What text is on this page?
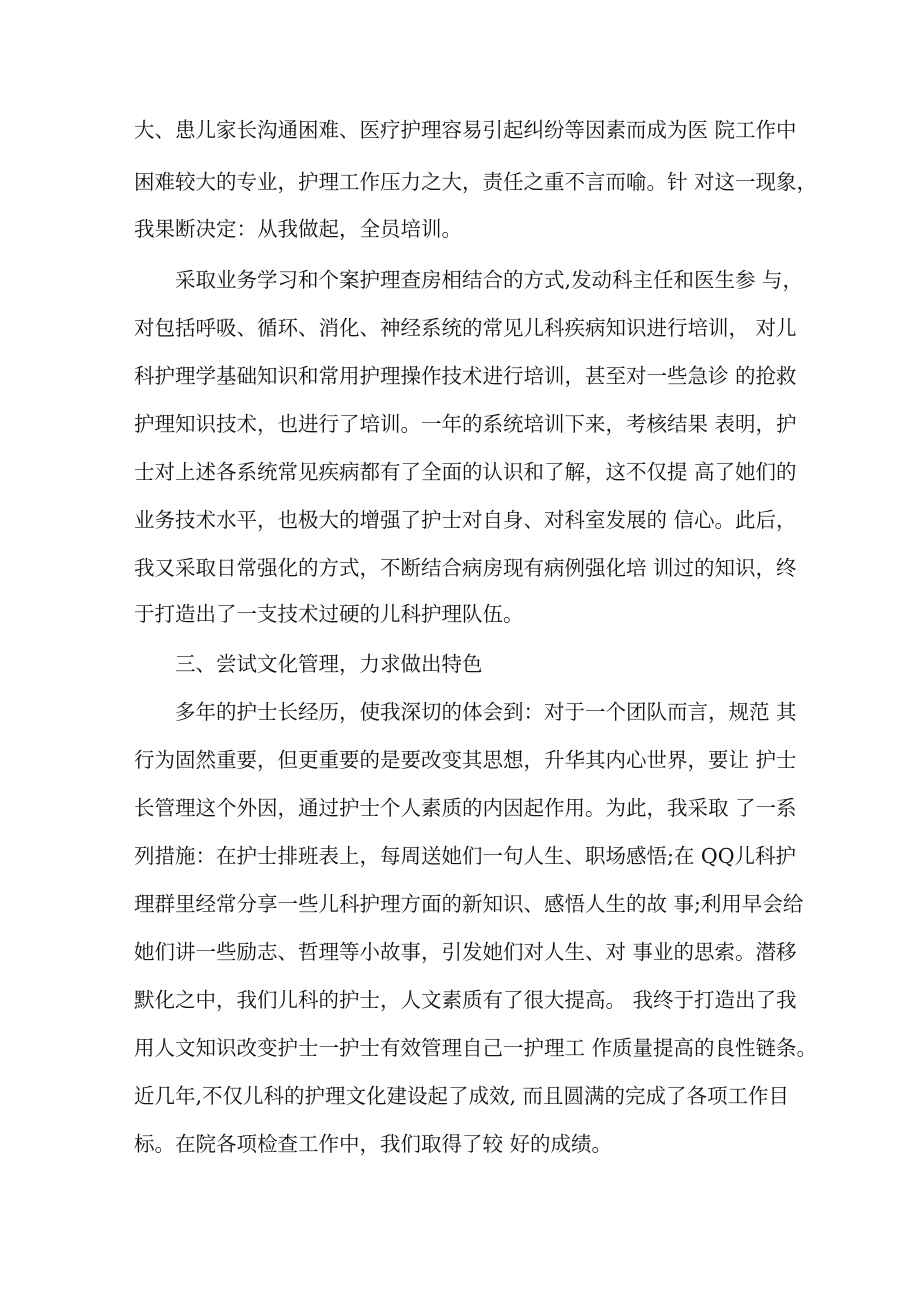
大、患儿家长沟通困难、医疗护理容易引起纠纷等因素而成为医 院工作中
困难较大的专业，护理工作压力之大，责任之重不言而喻。针 对这一现象，
我果断决定：从我做起，全员培训。
采取业务学习和个案护理查房相结合的方式,发动科主任和医生参 与，
对包括呼吸、循环、消化、神经系统的常见儿科疾病知识进行培训， 对儿
科护理学基础知识和常用护理操作技术进行培训，甚至对一些急诊 的抢救
护理知识技术，也进行了培训。一年的系统培训下来，考核结果 表明，护
士对上述各系统常见疾病都有了全面的认识和了解，这不仅提 高了她们的
业务技术水平，也极大的增强了护士对自身、对科室发展的 信心。此后，
我又采取日常强化的方式，不断结合病房现有病例强化培 训过的知识，终
于打造出了一支技术过硬的儿科护理队伍。
三、尝试文化管理，力求做出特色
多年的护士长经历，使我深切的体会到：对于一个团队而言，规范 其
行为固然重要，但更重要的是要改变其思想，升华其内心世界，要让 护士
长管理这个外因，通过护士个人素质的内因起作用。为此，我采取 了一系
列措施：在护士排班表上，每周送她们一句人生、职场感悟;在 QQ儿科护
理群里经常分享一些儿科护理方面的新知识、感悟人生的故 事;利用早会给
她们讲一些励志、哲理等小故事，引发她们对人生、对 事业的思索。潜移
默化之中，我们儿科的护士，人文素质有了很大提高。 我终于打造出了我
用人文知识改变护士一护士有效管理自己一护理工 作质量提高的良性链条。
近几年,不仅儿科的护理文化建设起了成效, 而且圆满的完成了各项工作目
标。在院各项检查工作中，我们取得了较 好的成绩。
